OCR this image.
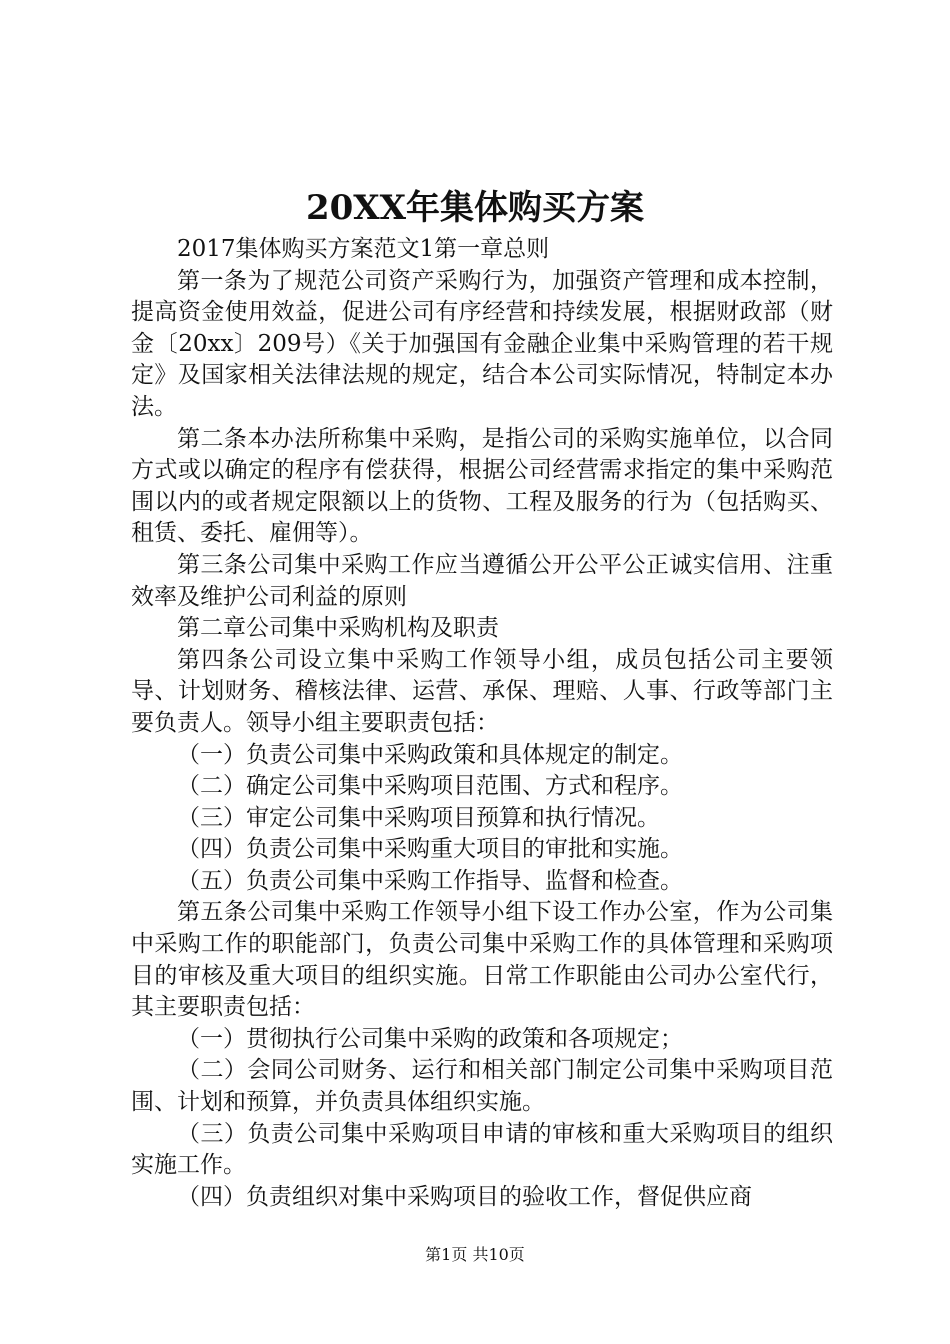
20XX年集体购买方案

2017集体购买方案范文1第一章总则

第一条为了规范公司资产采购行为，加强资产管理和成本控制，提高资金使用效益，促进公司有序经营和持续发展，根据财政部（财金〔20xx〕209号）《关于加强国有金融企业集中采购管理的若干规定》及国家相关法律法规的规定，结合本公司实际情况，特制定本办法。

第二条本办法所称集中采购，是指公司的采购实施单位，以合同方式或以确定的程序有偿获得，根据公司经营需求指定的集中采购范围以内的或者规定限额以上的货物、工程及服务的行为（包括购买、租赁、委托、雇佣等）。

第三条公司集中采购工作应当遵循公开公平公正诚实信用、注重效率及维护公司利益的原则

第二章公司集中采购机构及职责

第四条公司设立集中采购工作领导小组，成员包括公司主要领导、计划财务、稽核法律、运营、承保、理赔、人事、行政等部门主要负责人。领导小组主要职责包括：

（一）负责公司集中采购政策和具体规定的制定。

（二）确定公司集中采购项目范围、方式和程序。

（三）审定公司集中采购项目预算和执行情况。

（四）负责公司集中采购重大项目的审批和实施。

（五）负责公司集中采购工作指导、监督和检查。

第五条公司集中采购工作领导小组下设工作办公室，作为公司集中采购工作的职能部门，负责公司集中采购工作的具体管理和采购项目的审核及重大项目的组织实施。日常工作职能由公司办公室代行，其主要职责包括：

（一）贯彻执行公司集中采购的政策和各项规定；

（二）会同公司财务、运行和相关部门制定公司集中采购项目范围、计划和预算，并负责具体组织实施。

（三）负责公司集中采购项目申请的审核和重大采购项目的组织实施工作。

（四）负责组织对集中采购项目的验收工作，督促供应商

第1页 共10页
